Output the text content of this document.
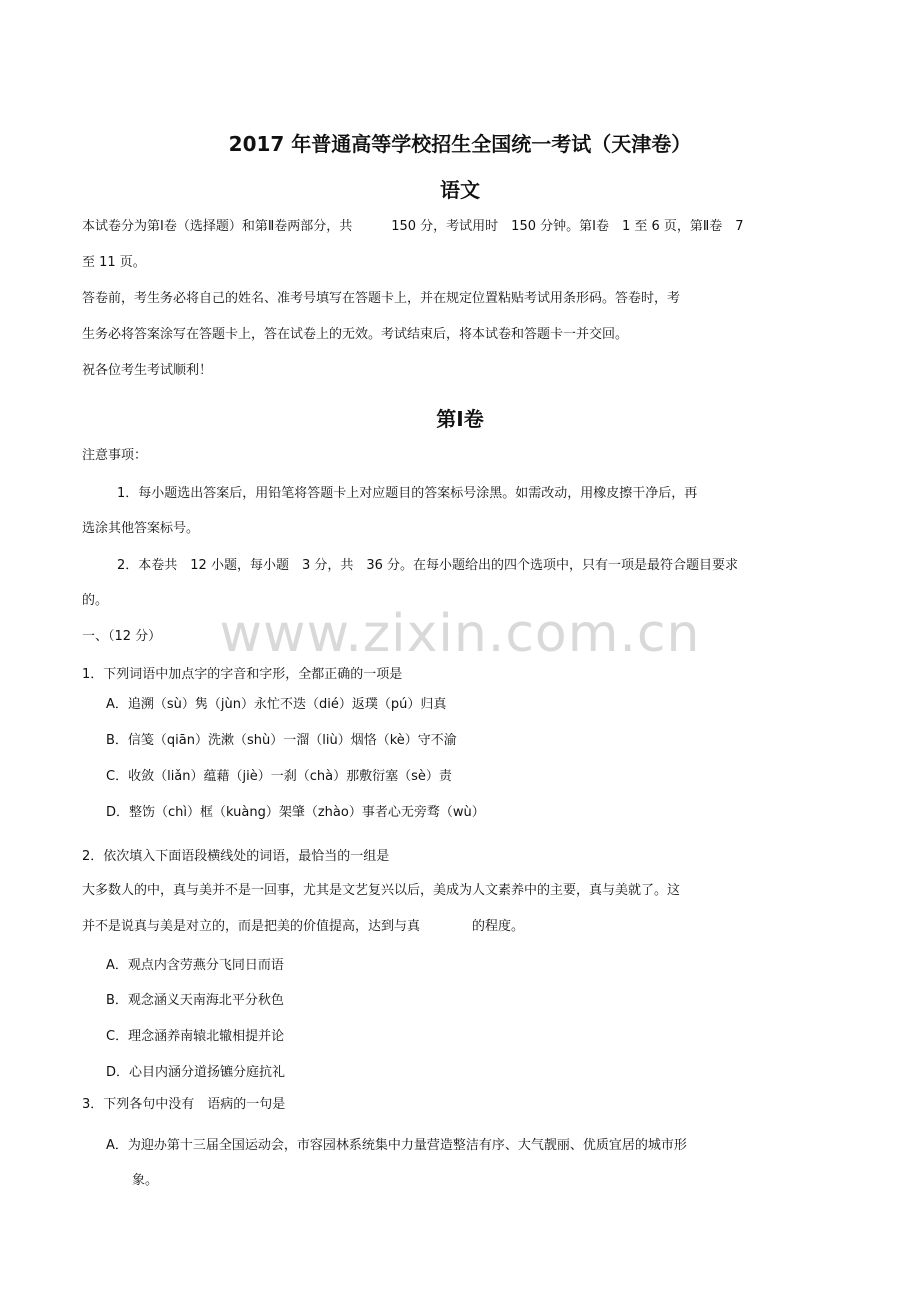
2017 年普通高等学校招生全国统一考试（天津卷）
语文
本试卷分为第Ⅰ卷（选择题）和第Ⅱ卷两部分，共　　　150 分，考试用时　150 分钟。第Ⅰ卷　1 至 6 页，第Ⅱ卷　7
至 11 页。
答卷前，考生务必将自己的姓名、准考号填写在答题卡上，并在规定位置粘贴考试用条形码。答卷时，考
生务必将答案涂写在答题卡上，答在试卷上的无效。考试结束后，将本试卷和答题卡一并交回。
祝各位考生考试顺利！
第Ⅰ卷
注意事项：
1．每小题选出答案后，用铅笔将答题卡上对应题目的答案标号涂黑。如需改动，用橡皮擦干净后，再
选涂其他答案标号。
2．本卷共　12 小题，每小题　3 分，共　36 分。在每小题给出的四个选项中，只有一项是最符合题目要求
的。
www.zixin.com.cn
一、（12 分）
1．下列词语中加点字的字音和字形，全都正确的一项是
A．追溯（sù）隽（jùn）永忙不迭（dié）返璞（pú）归真
B．信笺（qiān）洗漱（shù）一溜（liù）烟恪（kè）守不渝
C．收敛（liǎn）蕴藉（jiè）一刹（chà）那敷衍塞（sè）责
D．整饬（chì）框（kuàng）架肇（zhào）事者心无旁骛（wù）
2．依次填入下面语段横线处的词语，最恰当的一组是
大多数人的中，真与美并不是一回事，尤其是文艺复兴以后，美成为人文素养中的主要，真与美就了。这
并不是说真与美是对立的，而是把美的价值提高，达到与真　　　　的程度。
A．观点内含劳燕分飞同日而语
B．观念涵义天南海北平分秋色
C．理念涵养南辕北辙相提并论
D．心目内涵分道扬镳分庭抗礼
3．下列各句中没有　语病的一句是
A．为迎办第十三届全国运动会，市容园林系统集中力量营造整洁有序、大气靓丽、优质宜居的城市形
象。
